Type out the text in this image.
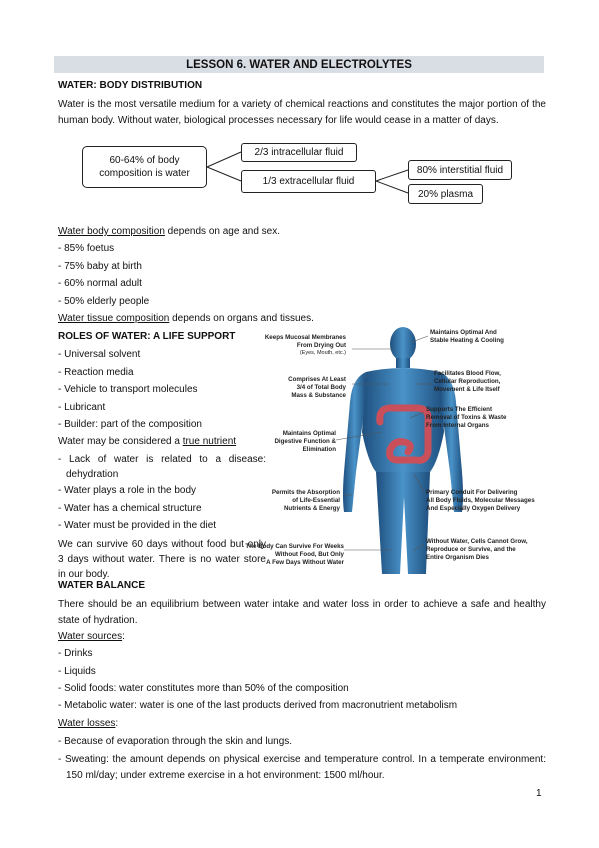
LESSON 6. WATER AND ELECTROLYTES
WATER: BODY DISTRIBUTION
Water is the most versatile medium for a variety of chemical reactions and constitutes the major portion of the human body. Without water, biological processes necessary for life would cease in a matter of days.
60-64% of body
composition is water
2/3 intracellular fluid
1/3 extracellular fluid
80% interstitial fluid
20% plasma
Water body composition depends on age and sex.
- 85% foetus
- 75% baby at birth
- 60% normal adult
- 50% elderly people
Water tissue composition depends on organs and tissues.
ROLES OF WATER: A LIFE SUPPORT
- Universal solvent
- Reaction media
- Vehicle to transport molecules
- Lubricant
- Builder: part of the composition
Water may be considered a true nutrient
- Lack of water is related to a disease: dehydration
- Water plays a role in the body
- Water has a chemical structure
- Water must be provided in the diet
We can survive 60 days without food but only 3 days without water. There is no water store in our body.
Keeps Mucosal Membranes
From Drying Out
(Eyes, Mouth, etc.)
Comprises At Least
3/4 of Total Body
Mass & Substance
Maintains Optimal
Digestive Function &
Elimination
Permits the Absorption
of Life-Essential
Nutrients & Energy
The Body Can Survive For Weeks
Without Food, But Only
A Few Days Without Water
Maintains Optimal And
Stable Heating & Cooling
Facilitates Blood Flow,
Cellular Reproduction,
Movement & Life Itself
Supports The Efficient
Removal of Toxins & Waste
From Internal Organs
Primary Conduit For Delivering
All Body Fluids, Molecular Messages
And Especially Oxygen Delivery
Without Water, Cells Cannot Grow,
Reproduce or Survive, and the
Entire Organism Dies
WATER BALANCE
There should be an equilibrium between water intake and water loss in order to achieve a safe and healthy state of hydration.
Water sources:
- Drinks
- Liquids
- Solid foods: water constitutes more than 50% of the composition
- Metabolic water: water is one of the last products derived from macronutrient metabolism
Water losses:
- Because of evaporation through the skin and lungs.
- Sweating: the amount depends on physical exercise and temperature control. In a temperate environment: 150 ml/day; under extreme exercise in a hot environment: 1500 ml/hour.
1
